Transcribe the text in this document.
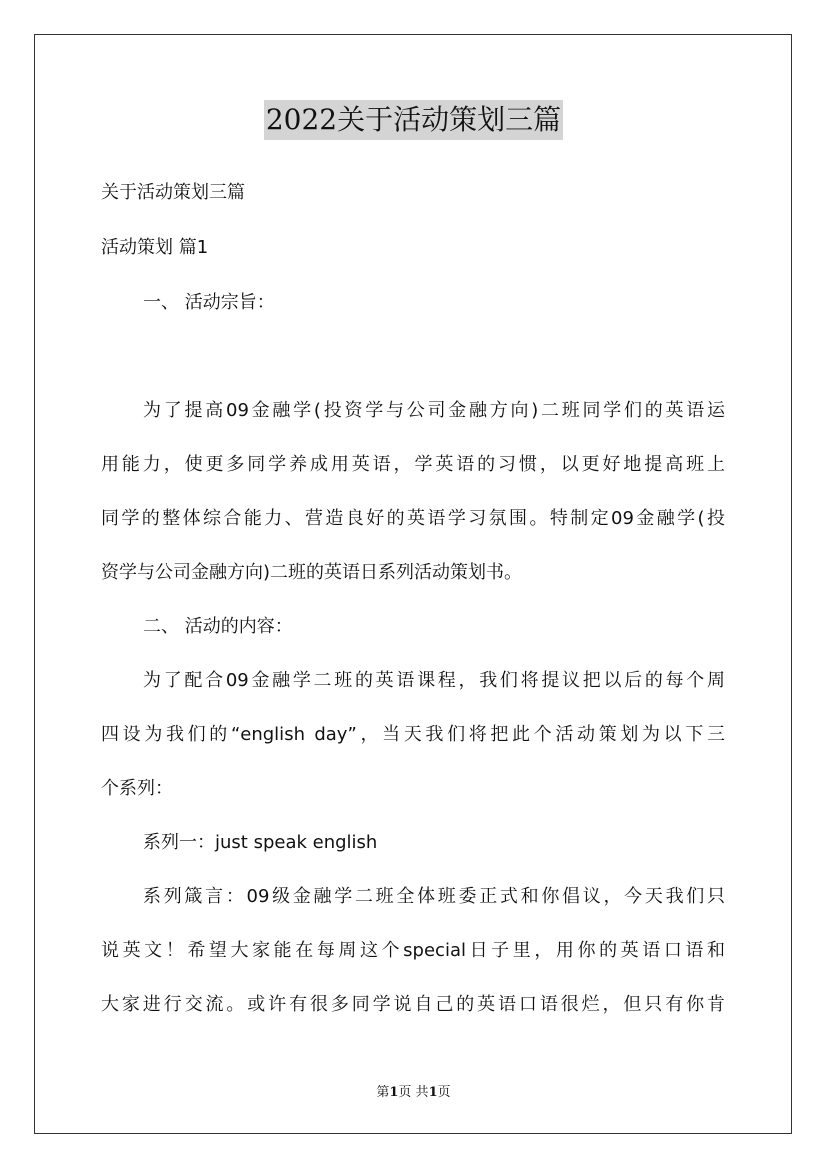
2022关于活动策划三篇
关于活动策划三篇
活动策划 篇1
一、 活动宗旨：
为了提高09金融学(投资学与公司金融方向)二班同学们的英语运
用能力，使更多同学养成用英语，学英语的习惯，以更好地提高班上
同学的整体综合能力、营造良好的英语学习氛围。特制定09金融学(投
资学与公司金融方向)二班的英语日系列活动策划书。
二、 活动的内容：
为了配合09金融学二班的英语课程，我们将提议把以后的每个周
四设为我们的“english day”，当天我们将把此个活动策划为以下三
个系列：
系列一：just speak english
系列箴言：09级金融学二班全体班委正式和你倡议，今天我们只
说英文！希望大家能在每周这个special日子里，用你的英语口语和
大家进行交流。或许有很多同学说自己的英语口语很烂，但只有你肯
第1页 共1页
